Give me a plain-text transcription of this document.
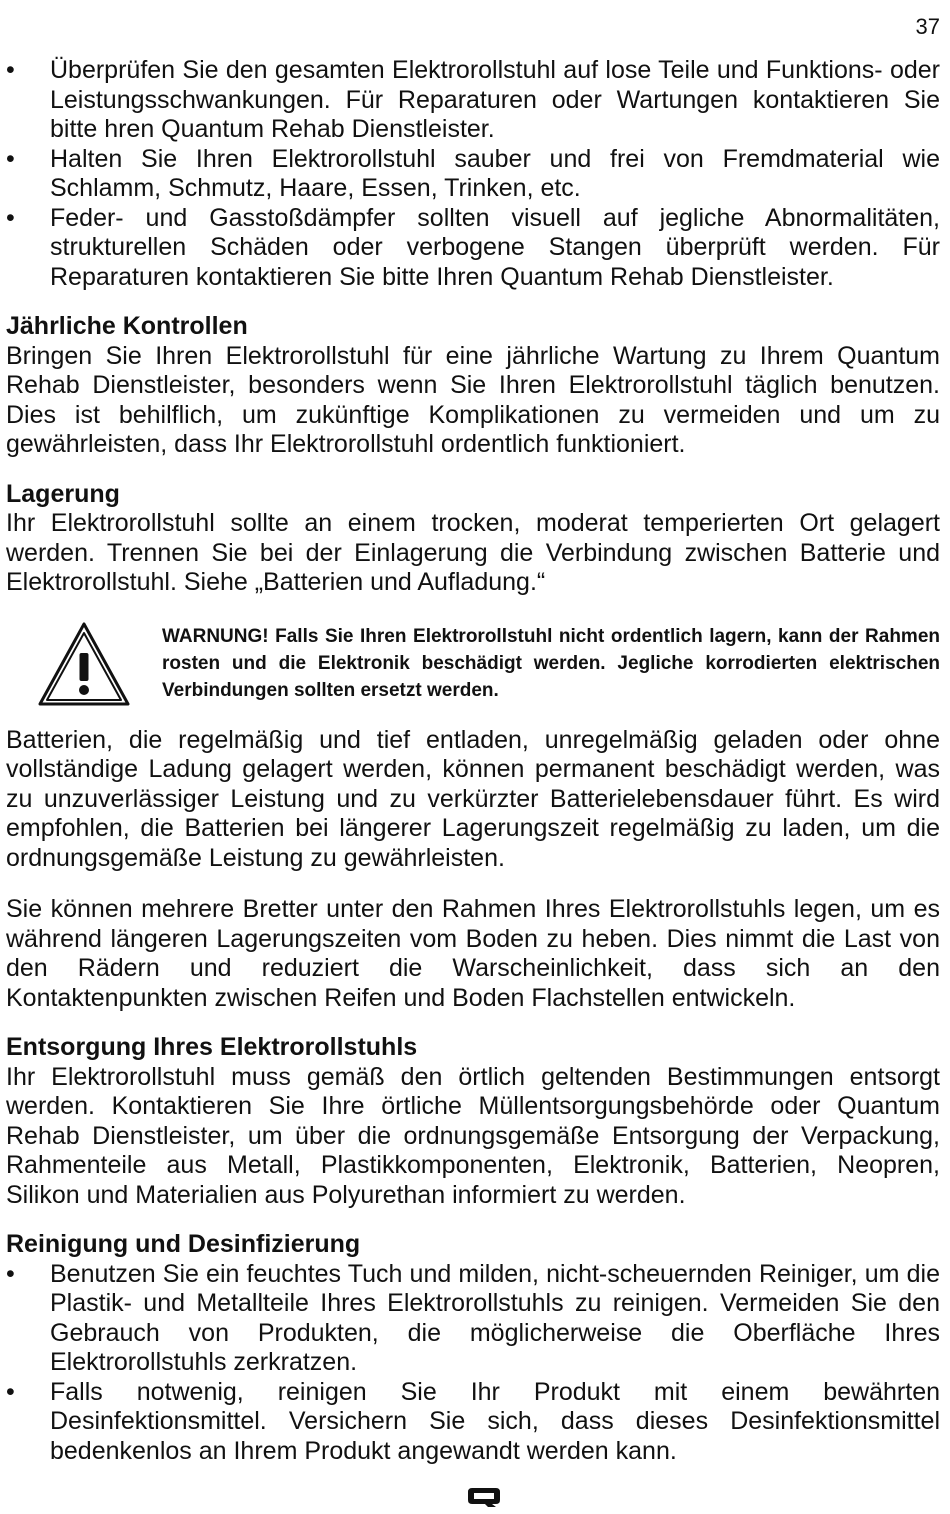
37
•	Überprüfen Sie den gesamten Elektrorollstuhl auf lose Teile und Funktions- oder Leistungsschwankungen. Für Reparaturen oder Wartungen kontaktieren Sie bitte hren Quantum Rehab Dienstleister.
•	Halten Sie Ihren Elektrorollstuhl sauber und frei von Fremdmaterial wie Schlamm, Schmutz, Haare, Essen, Trinken, etc.
•	Feder- und Gasstoßdämpfer sollten visuell auf jegliche Abnormalitäten, strukturellen Schäden oder verbogene Stangen überprüft werden. Für Reparaturen kontaktieren Sie bitte Ihren Quantum Rehab Dienstleister.
Jährliche Kontrollen

Bringen Sie Ihren Elektrorollstuhl für eine jährliche Wartung zu Ihrem Quantum Rehab Dienstleister, besonders wenn Sie Ihren Elektrorollstuhl täglich benutzen. Dies ist behilflich, um zukünftige Komplikationen zu vermeiden und um zu gewährleisten, dass Ihr Elektrorollstuhl ordentlich funktioniert.

Lagerung

Ihr Elektrorollstuhl sollte an einem trocken, moderat temperierten Ort gelagert werden. Trennen Sie bei der Einlagerung die Verbindung zwischen Batterie und Elektrorollstuhl. Siehe „Batterien und Aufladung.“

WARNUNG! Falls Sie Ihren Elektrorollstuhl nicht ordentlich lagern, kann der Rahmen rosten und die Elektronik beschädigt werden. Jegliche korrodierten elektrischen Verbindungen sollten ersetzt werden.

Batterien, die regelmäßig und tief entladen, unregelmäßig geladen oder ohne vollständige Ladung gelagert werden, können permanent beschädigt werden, was zu unzuverlässiger Leistung und zu verkürzter Batterielebensdauer führt. Es wird empfohlen, die Batterien bei längerer Lagerungszeit regelmäßig zu laden, um die ordnungsgemäße Leistung zu gewährleisten.

Sie können mehrere Bretter unter den Rahmen Ihres Elektrorollstuhls legen, um es während längeren Lagerungszeiten vom Boden zu heben. Dies nimmt die Last von den Rädern und reduziert die Warscheinlichkeit, dass sich an den Kontaktenpunkten zwischen Reifen und Boden Flachstellen entwickeln.

Entsorgung Ihres Elektrorollstuhls

Ihr Elektrorollstuhl muss gemäß den örtlich geltenden Bestimmungen entsorgt werden. Kontaktieren Sie Ihre örtliche Müllentsorgungsbehörde oder Quantum Rehab Dienstleister, um über die ordnungsgemäße Entsorgung der Verpackung, Rahmenteile aus Metall, Plastikkomponenten, Elektronik, Batterien, Neopren, Silikon und Materialien aus Polyurethan informiert zu werden.

Reinigung und Desinfizierung
•	Benutzen Sie ein feuchtes Tuch und milden, nicht-scheuernden Reiniger, um die Plastik- und Metallteile Ihres Elektrorollstuhls zu reinigen. Vermeiden Sie den Gebrauch von Produkten, die möglicherweise die Oberfläche Ihres Elektrorollstuhls zerkratzen.
•	Falls notwenig, reinigen Sie Ihr Produkt mit einem bewährten Desinfektionsmittel. Versichern Sie sich, dass dieses Desinfektionsmittel bedenkenlos an Ihrem Produkt angewandt werden kann.
